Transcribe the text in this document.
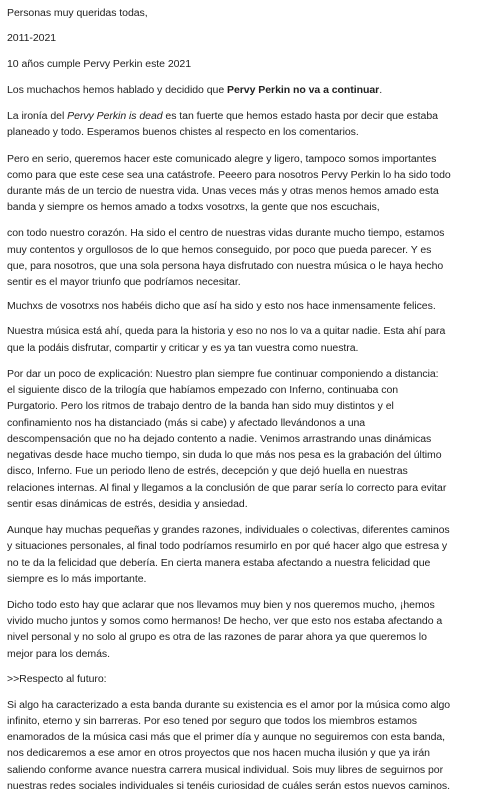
Personas muy queridas todas,
2011-2021
10 años cumple Pervy Perkin este 2021
Los muchachos hemos hablado y decidido que Pervy Perkin no va a continuar.
La ironía del Pervy Perkin is dead es tan fuerte que hemos estado hasta por decir que estaba
planeado y todo. Esperamos buenos chistes al respecto en los comentarios.
Pero en serio, queremos hacer este comunicado alegre y ligero, tampoco somos importantes
como para que este cese sea una catástrofe. Peeero para nosotros Pervy Perkin lo ha sido todo
durante más de un tercio de nuestra vida. Unas veces más y otras menos hemos amado esta
banda y siempre os hemos amado a todxs vosotrxs, la gente que nos escuchais,
con todo nuestro corazón. Ha sido el centro de nuestras vidas durante mucho tiempo, estamos
muy contentos y orgullosos de lo que hemos conseguido, por poco que pueda parecer. Y es
que, para nosotros, que una sola persona haya disfrutado con nuestra música o le haya hecho
sentir es el mayor triunfo que podríamos necesitar.
Muchxs de vosotrxs nos habéis dicho que así ha sido y esto nos hace inmensamente felices.
Nuestra música está ahí, queda para la historia y eso no nos lo va a quitar nadie. Esta ahí para
que la podáis disfrutar, compartir y criticar y es ya tan vuestra como nuestra.
Por dar un poco de explicación: Nuestro plan siempre fue continuar componiendo a distancia:
el siguiente disco de la trilogía que habíamos empezado con Inferno, continuaba con
Purgatorio. Pero los ritmos de trabajo dentro de la banda han sido muy distintos y el
confinamiento nos ha distanciado (más si cabe) y afectado llevándonos a una
descompensación que no ha dejado contento a nadie. Venimos arrastrando unas dinámicas
negativas desde hace mucho tiempo, sin duda lo que más nos pesa es la grabación del último
disco, Inferno. Fue un periodo lleno de estrés, decepción y que dejó huella en nuestras
relaciones internas. Al final y llegamos a la conclusión de que parar sería lo correcto para evitar
sentir esas dinámicas de estrés, desidia y ansiedad.
Aunque hay muchas pequeñas y grandes razones, individuales o colectivas, diferentes caminos
y situaciones personales, al final todo podríamos resumirlo en por qué hacer algo que estresa y
no te da la felicidad que debería. En cierta manera estaba afectando a nuestra felicidad que
siempre es lo más importante.
Dicho todo esto hay que aclarar que nos llevamos muy bien y nos queremos mucho, ¡hemos
vivido mucho juntos y somos como hermanos! De hecho, ver que esto nos estaba afectando a
nivel personal y no solo al grupo es otra de las razones de parar ahora ya que queremos lo
mejor para los demás.
>>Respecto al futuro:
Si algo ha caracterizado a esta banda durante su existencia es el amor por la música como algo
infinito, eterno y sin barreras. Por eso tened por seguro que todos los miembros estamos
enamorados de la música casi más que el primer día y aunque no seguiremos con esta banda,
nos dedicaremos a ese amor en otros proyectos que nos hacen mucha ilusión y que ya irán
saliendo conforme avance nuestra carrera musical individual. Sois muy libres de seguirnos por
nuestras redes sociales individuales si tenéis curiosidad de cuáles serán estos nuevos caminos.
